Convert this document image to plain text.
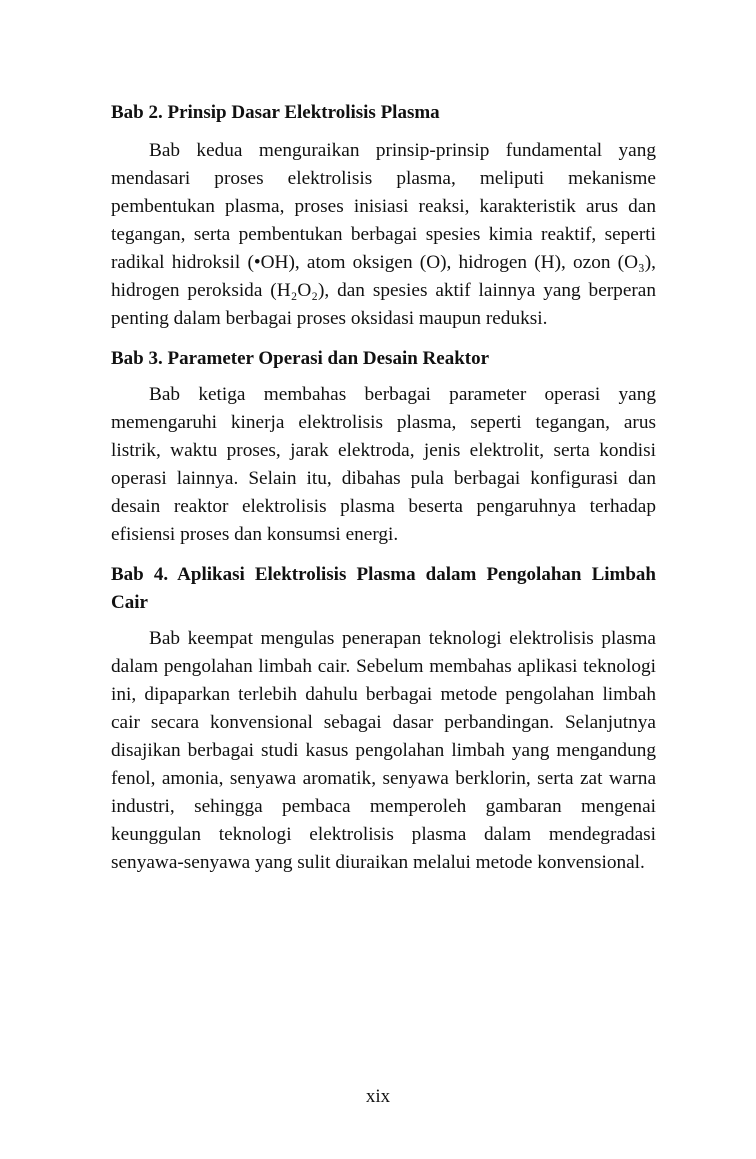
Bab 2. Prinsip Dasar Elektrolisis Plasma

Bab kedua menguraikan prinsip-prinsip fundamental yang mendasari proses elektrolisis plasma, meliputi mekanisme pembentukan plasma, proses inisiasi reaksi, karakteristik arus dan tegangan, serta pembentukan berbagai spesies kimia reaktif, seperti radikal hidroksil (•OH), atom oksigen (O), hidrogen (H), ozon (O₃), hidrogen peroksida (H₂O₂), dan spesies aktif lainnya yang berperan penting dalam berbagai proses oksidasi maupun reduksi.

Bab 3. Parameter Operasi dan Desain Reaktor

Bab ketiga membahas berbagai parameter operasi yang memengaruhi kinerja elektrolisis plasma, seperti tegangan, arus listrik, waktu proses, jarak elektroda, jenis elektrolit, serta kondisi operasi lainnya. Selain itu, dibahas pula berbagai konfigurasi dan desain reaktor elektrolisis plasma beserta pengaruhnya terhadap efisiensi proses dan konsumsi energi.

Bab 4. Aplikasi Elektrolisis Plasma dalam Pengolahan Limbah Cair

Bab keempat mengulas penerapan teknologi elektrolisis plasma dalam pengolahan limbah cair. Sebelum membahas aplikasi teknologi ini, dipaparkan terlebih dahulu berbagai metode pengolahan limbah cair secara konvensional sebagai dasar perbandingan. Selanjutnya disajikan berbagai studi kasus pengolahan limbah yang mengandung fenol, amonia, senyawa aromatik, senyawa berklorin, serta zat warna industri, sehingga pembaca memperoleh gambaran mengenai keunggulan teknologi elektrolisis plasma dalam mendegradasi senyawa-senyawa yang sulit diuraikan melalui metode konvensional.

xix
